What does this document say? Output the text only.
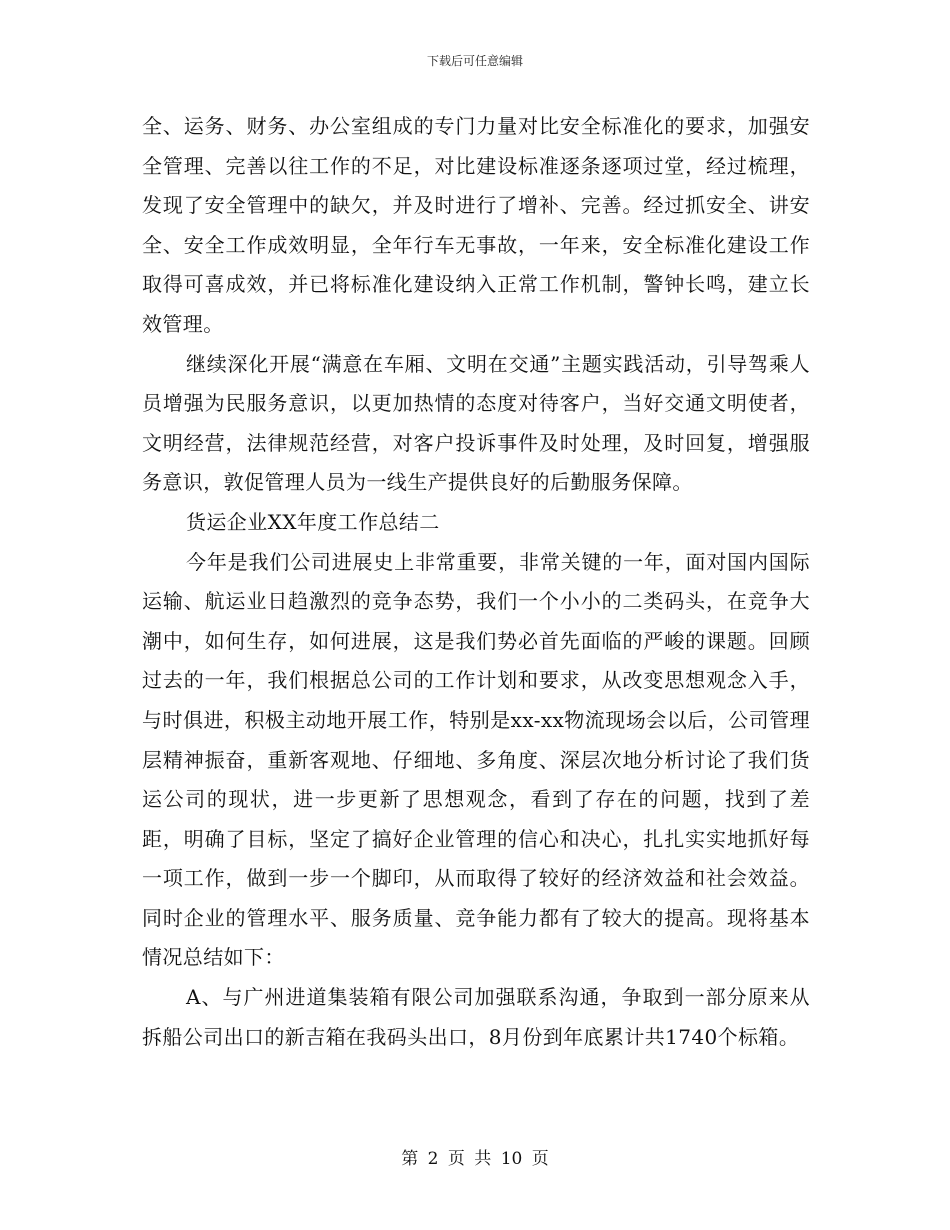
下载后可任意编辑

全、运务、财务、办公室组成的专门力量对比安全标准化的要求，加强安全管理、完善以往工作的不足，对比建设标准逐条逐项过堂，经过梳理，发现了安全管理中的缺欠，并及时进行了增补、完善。经过抓安全、讲安全、安全工作成效明显，全年行车无事故，一年来，安全标准化建设工作取得可喜成效，并已将标准化建设纳入正常工作机制，警钟长鸣，建立长效管理。

继续深化开展“满意在车厢、文明在交通”主题实践活动，引导驾乘人员增强为民服务意识，以更加热情的态度对待客户，当好交通文明使者，文明经营，法律规范经营，对客户投诉事件及时处理，及时回复，增强服务意识，敦促管理人员为一线生产提供良好的后勤服务保障。

货运企业XX年度工作总结二

今年是我们公司进展史上非常重要，非常关键的一年，面对国内国际运输、航运业日趋激烈的竞争态势，我们一个小小的二类码头，在竞争大潮中，如何生存，如何进展，这是我们势必首先面临的严峻的课题。回顾过去的一年，我们根据总公司的工作计划和要求，从改变思想观念入手，与时俱进，积极主动地开展工作，特别是xx-xx物流现场会以后，公司管理层精神振奋，重新客观地、仔细地、多角度、深层次地分析讨论了我们货运公司的现状，进一步更新了思想观念，看到了存在的问题，找到了差距，明确了目标，坚定了搞好企业管理的信心和决心，扎扎实实地抓好每一项工作，做到一步一个脚印，从而取得了较好的经济效益和社会效益。同时企业的管理水平、服务质量、竞争能力都有了较大的提高。现将基本情况总结如下：

A、与广州进道集装箱有限公司加强联系沟通，争取到一部分原来从拆船公司出口的新吉箱在我码头出口，8月份到年底累计共1740个标箱。

第 2 页 共 10 页
